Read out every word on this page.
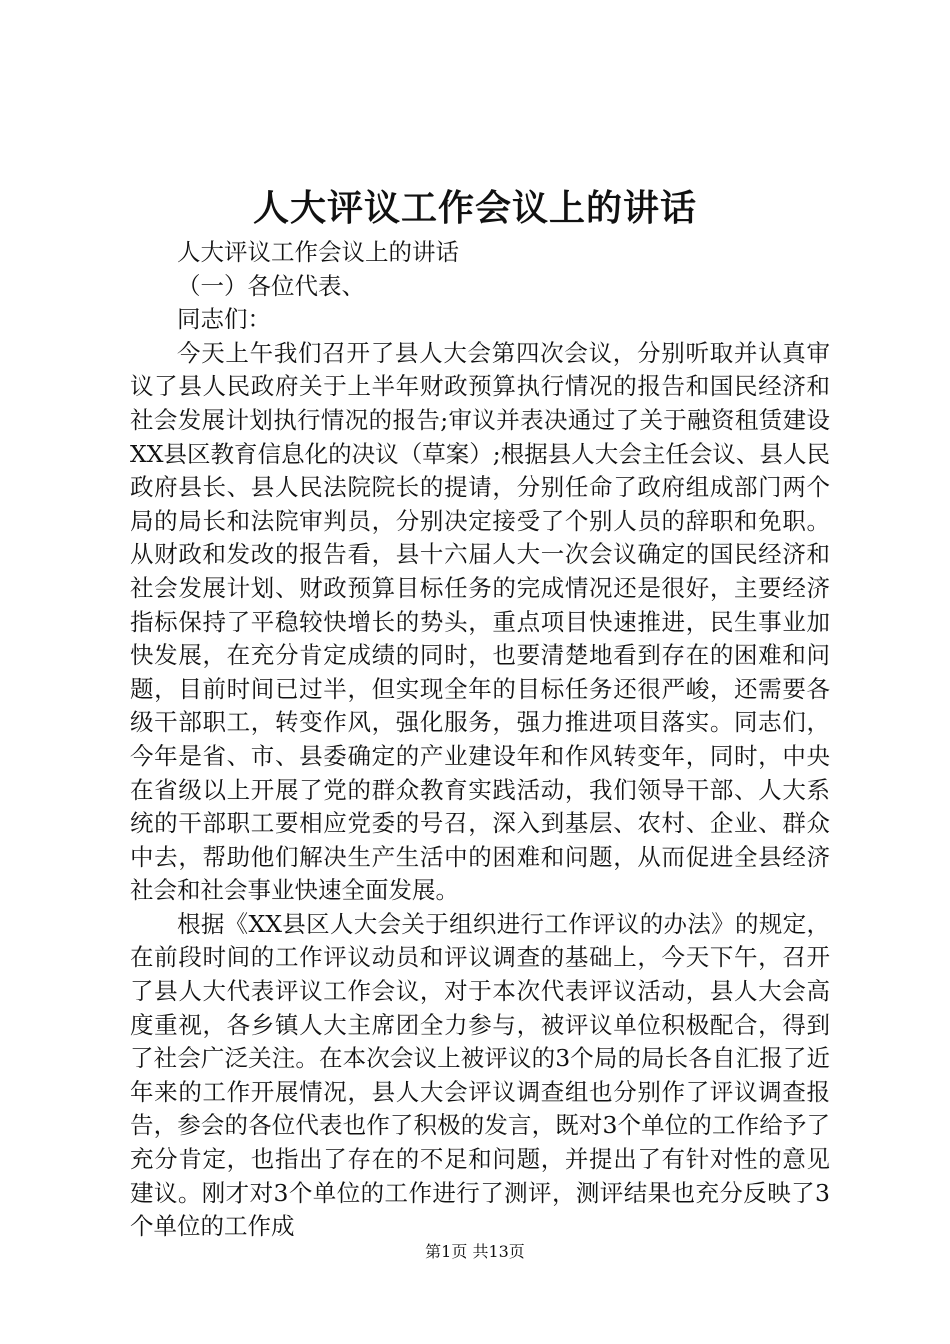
人大评议工作会议上的讲话

人大评议工作会议上的讲话

（一）各位代表、

同志们：

今天上午我们召开了县人大会第四次会议，分别听取并认真审议了县人民政府关于上半年财政预算执行情况的报告和国民经济和社会发展计划执行情况的报告;审议并表决通过了关于融资租赁建设XX县区教育信息化的决议（草案）;根据县人大会主任会议、县人民政府县长、县人民法院院长的提请，分别任命了政府组成部门两个局的局长和法院审判员，分别决定接受了个别人员的辞职和免职。从财政和发改的报告看，县十六届人大一次会议确定的国民经济和社会发展计划、财政预算目标任务的完成情况还是很好，主要经济指标保持了平稳较快增长的势头，重点项目快速推进，民生事业加快发展，在充分肯定成绩的同时，也要清楚地看到存在的困难和问题，目前时间已过半，但实现全年的目标任务还很严峻，还需要各级干部职工，转变作风，强化服务，强力推进项目落实。同志们，今年是省、市、县委确定的产业建设年和作风转变年，同时，中央在省级以上开展了党的群众教育实践活动，我们领导干部、人大系统的干部职工要相应党委的号召，深入到基层、农村、企业、群众中去，帮助他们解决生产生活中的困难和问题，从而促进全县经济社会和社会事业快速全面发展。

根据《XX县区人大会关于组织进行工作评议的办法》的规定，在前段时间的工作评议动员和评议调查的基础上，今天下午，召开了县人大代表评议工作会议，对于本次代表评议活动，县人大会高度重视，各乡镇人大主席团全力参与，被评议单位积极配合，得到了社会广泛关注。在本次会议上被评议的3个局的局长各自汇报了近年来的工作开展情况，县人大会评议调查组也分别作了评议调查报告，参会的各位代表也作了积极的发言，既对3个单位的工作给予了充分肯定，也指出了存在的不足和问题，并提出了有针对性的意见建议。刚才对3个单位的工作进行了测评，测评结果也充分反映了3个单位的工作成

第1页 共13页
